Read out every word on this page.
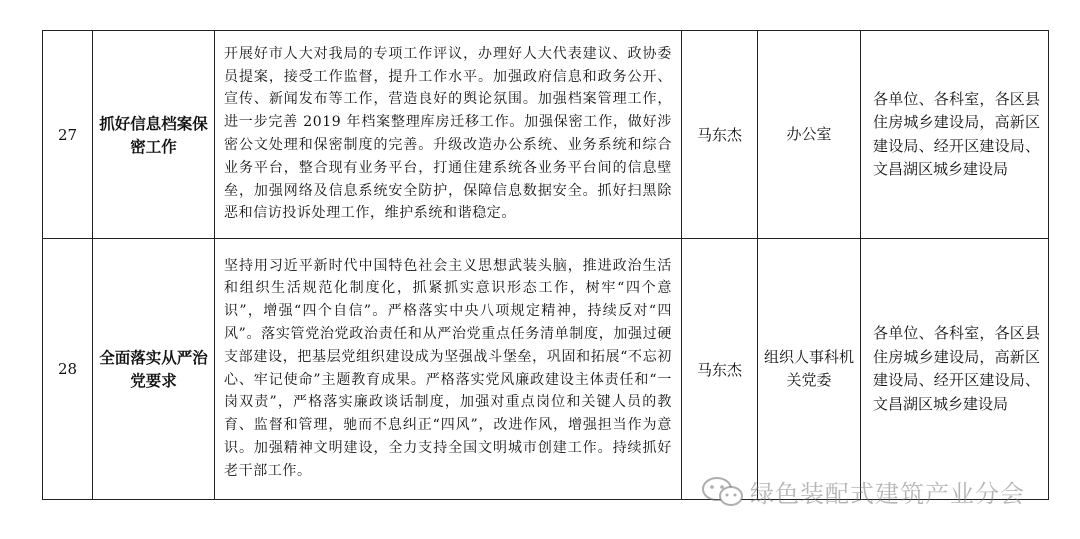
27	抓好信息档案保密工作	开展好市人大对我局的专项工作评议，办理好人大代表建议、政协委员提案，接受工作监督，提升工作水平。加强政府信息和政务公开、宣传、新闻发布等工作，营造良好的舆论氛围。加强档案管理工作，进一步完善 2019 年档案整理库房迁移工作。加强保密工作，做好涉密公文处理和保密制度的完善。升级改造办公系统、业务系统和综合业务平台，整合现有业务平台，打通住建系统各业务平台间的信息壁垒，加强网络及信息系统安全防护，保障信息数据安全。抓好扫黑除恶和信访投诉处理工作，维护系统和谐稳定。	马东杰	办公室	各单位、各科室，各区县住房城乡建设局，高新区建设局、经开区建设局、文昌湖区城乡建设局
28	全面落实从严治党要求	坚持用习近平新时代中国特色社会主义思想武装头脑，推进政治生活和组织生活规范化制度化，抓紧抓实意识形态工作，树牢“四个意识”，增强“四个自信”。严格落实中央八项规定精神，持续反对“四风”。落实管党治党政治责任和从严治党重点任务清单制度，加强过硬支部建设，把基层党组织建设成为坚强战斗堡垒，巩固和拓展“不忘初心、牢记使命”主题教育成果。严格落实党风廉政建设主体责任和“一岗双责”，严格落实廉政谈话制度，加强对重点岗位和关键人员的教育、监督和管理，驰而不息纠正“四风”，改进作风，增强担当作为意识。加强精神文明建设，全力支持全国文明城市创建工作。持续抓好老干部工作。	马东杰	组织人事科机关党委	各单位、各科室，各区县住房城乡建设局，高新区建设局、经开区建设局、文昌湖区城乡建设局
绿色装配式建筑产业分会
